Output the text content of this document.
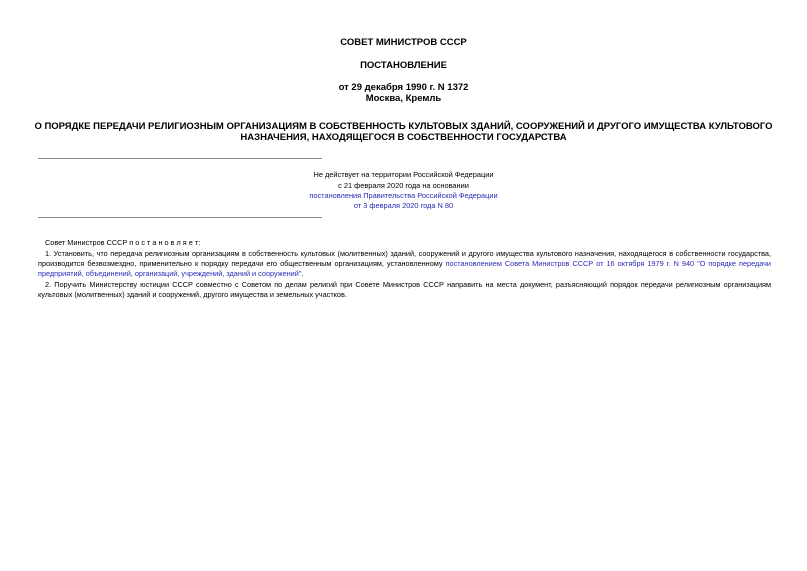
СОВЕТ МИНИСТРОВ СССР
ПОСТАНОВЛЕНИЕ
от 29 декабря 1990 г. N 1372
Москва, Кремль
О ПОРЯДКЕ ПЕРЕДАЧИ РЕЛИГИОЗНЫМ ОРГАНИЗАЦИЯМ В СОБСТВЕННОСТЬ КУЛЬТОВЫХ ЗДАНИЙ, СООРУЖЕНИЙ И ДРУГОГО ИМУЩЕСТВА КУЛЬТОВОГО
НАЗНАЧЕНИЯ, НАХОДЯЩЕГОСЯ В СОБСТВЕННОСТИ ГОСУДАРСТВА
Не действует на территории Российской Федерации
с 21 февраля 2020 года на основании
постановления Правительства Российской Федерации
от 3 февраля 2020 года N 80
Совет Министров СССР п о с т а н о в л я е т:
1. Установить, что передача религиозным организациям в собственность культовых (молитвенных) зданий, сооружений и другого имущества культового назначения, находящегося в собственности государства,
производится безвозмездно, применительно к порядку передачи его общественным организациям, установленному постановлением Совета Министров СССР от 16 октября 1979 г. N 940 "О порядке передачи
предприятий, объединений, организаций, учреждений, зданий и сооружений".
2. Поручить Министерству юстиции СССР совместно с Советом по делам религий при Совете Министров СССР направить на места документ, разъясняющий порядок передачи религиозным организациям
культовых (молитвенных) зданий и сооружений, другого имущества и земельных участков.
